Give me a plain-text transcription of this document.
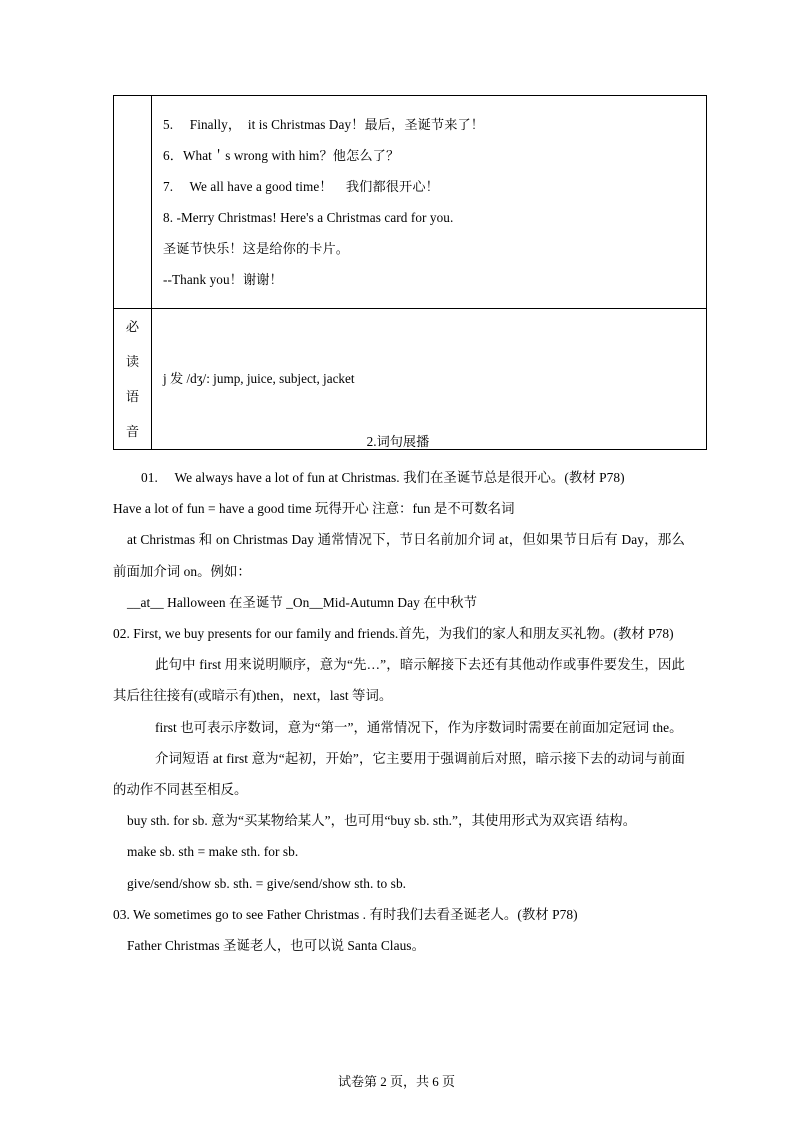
5.　 Finally，　it is Christmas Day！最后，圣诞节来了！
6．What＇s wrong with him？他怎么了？
7.　 We all have a good time！　我们都很开心！
8. -Merry Christmas! Here's a Christmas card for you.
圣诞节快乐！这是给你的卡片。
--Thank you！谢谢！

必
读
语
音	j 发 /dʒ/: jump, juice, subject, jacket
2.词句展播

01.　 We always have a lot of fun at Christmas. 我们在圣诞节总是很开心。(教材 P78)

Have a lot of fun = have a good time 玩得开心 注意：fun 是不可数名词

at Christmas 和 on Christmas Day 通常情况下，节日名前加介词 at，但如果节日后有 Day，那么前面加介词 on。例如：

__at__ Halloween 在圣诞节 _On__Mid-Autumn Day 在中秋节

02. First, we buy presents for our family and friends.首先，为我们的家人和朋友买礼物。(教材 P78)

此句中 first 用来说明顺序，意为“先…”，暗示解接下去还有其他动作或事件要发生，因此其后往往接有(或暗示有)then，next，last 等词。

first 也可表示序数词，意为“第一”，通常情况下，作为序数词时需要在前面加定冠词 the。

介词短语 at first 意为“起初，开始”，它主要用于强调前后对照，暗示接下去的动词与前面的动作不同甚至相反。

buy sth. for sb. 意为“买某物给某人”，也可用“buy sb. sth.”，其使用形式为双宾语 结构。

make sb. sth = make sth. for sb.

give/send/show sb. sth. = give/send/show sth. to sb.

03. We sometimes go to see Father Christmas . 有时我们去看圣诞老人。(教材 P78)

Father Christmas 圣诞老人，也可以说 Santa Claus。

试卷第 2 页，共 6 页
